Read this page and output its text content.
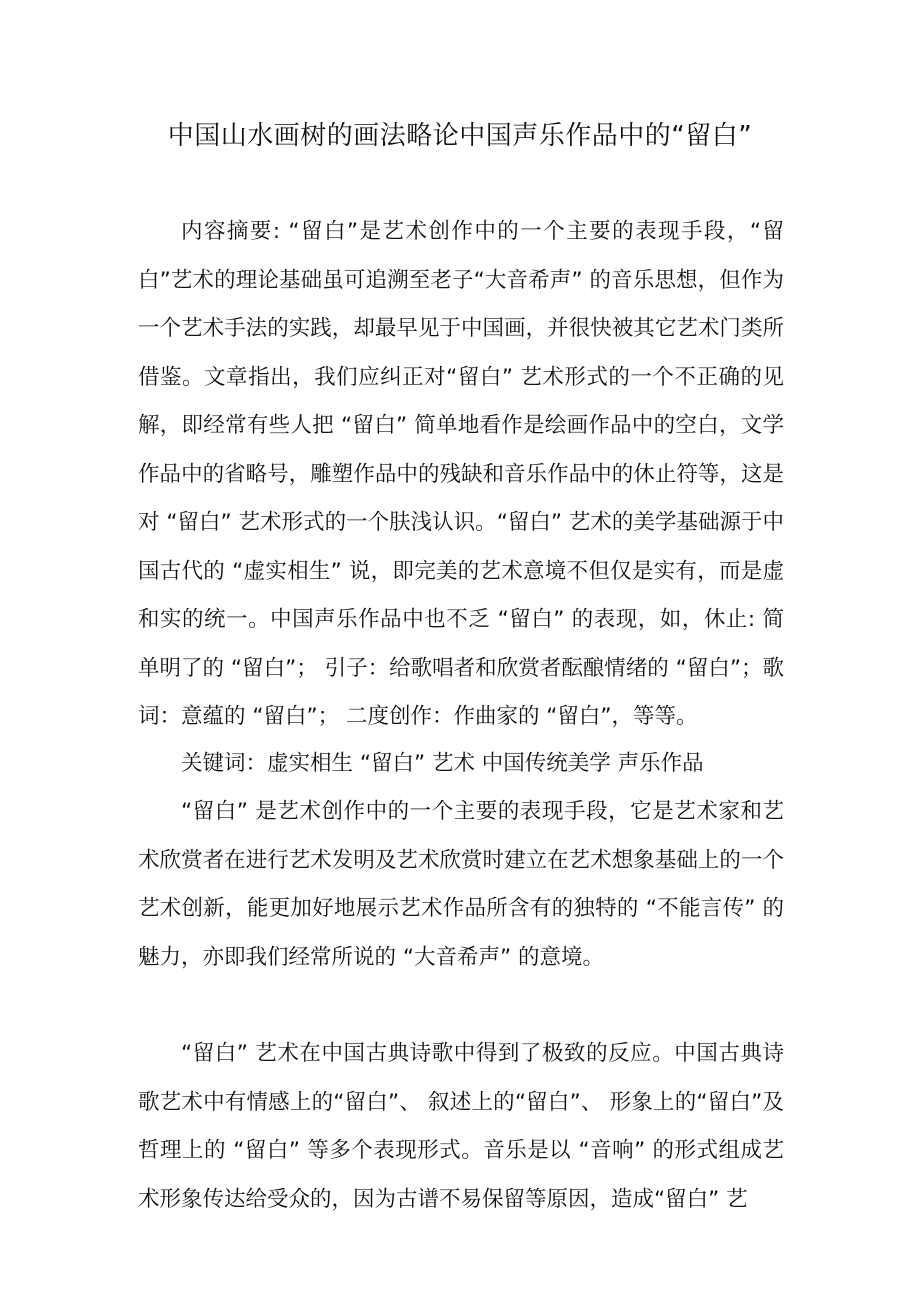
中国山水画树的画法略论中国声乐作品中的“留白”

内容摘要: “留白”是艺术创作中的一个主要的表现手段，“留白”艺术的理论基础虽可追溯至老子“大音希声” 的音乐思想，但作为一个艺术手法的实践，却最早见于中国画，并很快被其它艺术门类所借鉴。文章指出，我们应纠正对“留白” 艺术形式的一个不正确的见解，即经常有些人把 “留白” 简单地看作是绘画作品中的空白，文学作品中的省略号，雕塑作品中的残缺和音乐作品中的休止符等，这是对 “留白” 艺术形式的一个肤浅认识。“留白” 艺术的美学基础源于中国古代的 “虚实相生” 说，即完美的艺术意境不但仅是实有，而是虚和实的统一。中国声乐作品中也不乏 “留白” 的表现，如，休止: 简单明了的 “留白”； 引子：给歌唱者和欣赏者酝酿情绪的 “留白”；歌词：意蕴的 “留白”； 二度创作：作曲家的 “留白”，等等。

关键词：虚实相生 “留白” 艺术 中国传统美学 声乐作品

“留白” 是艺术创作中的一个主要的表现手段，它是艺术家和艺术欣赏者在进行艺术发明及艺术欣赏时建立在艺术想象基础上的一个艺术创新，能更加好地展示艺术作品所含有的独特的 “不能言传” 的魅力，亦即我们经常所说的 “大音希声” 的意境。

“留白” 艺术在中国古典诗歌中得到了极致的反应。中国古典诗歌艺术中有情感上的“留白”、 叙述上的“留白”、 形象上的“留白”及哲理上的 “留白” 等多个表现形式。音乐是以 “音响” 的形式组成艺术形象传达给受众的，因为古谱不易保留等原因，造成“留白” 艺
